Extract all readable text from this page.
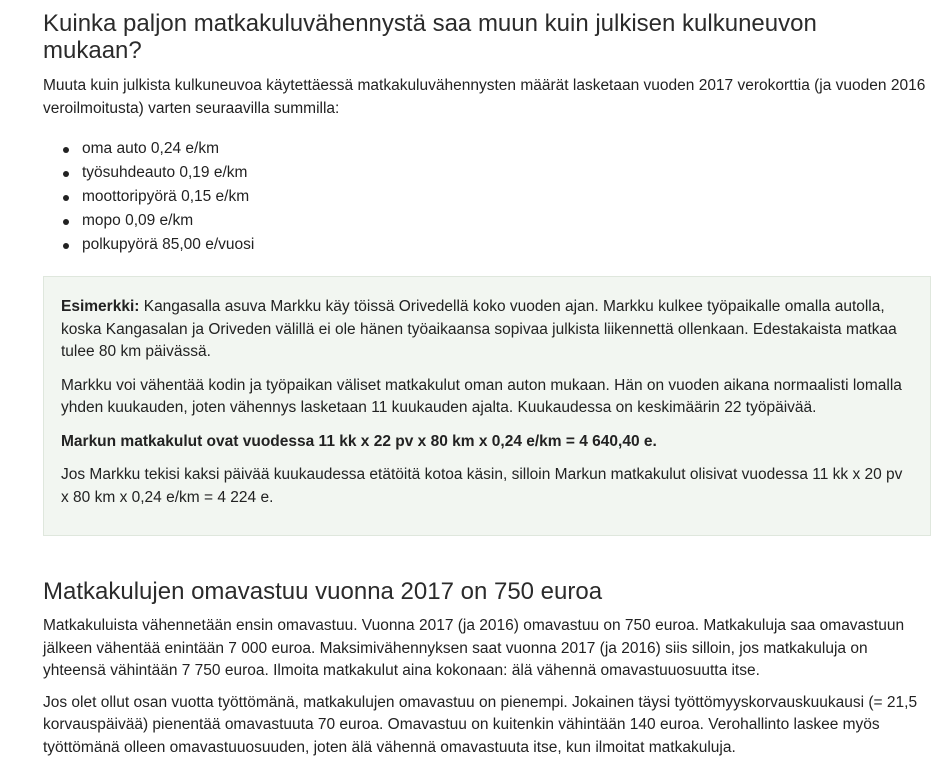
Kuinka paljon matkakuluvähennystä saa muun kuin julkisen kulkuneuvon mukaan?

Muuta kuin julkista kulkuneuvoa käytettäessä matkakuluvähennysten määrät lasketaan vuoden 2017 verokorttia (ja vuoden 2016 veroilmoitusta) varten seuraavilla summilla:

oma auto 0,24 e/km
työsuhdeauto 0,19 e/km
moottoripyörä 0,15 e/km
mopo 0,09 e/km
polkupyörä 85,00 e/vuosi

Esimerkki: Kangasalla asuva Markku käy töissä Orivedellä koko vuoden ajan. Markku kulkee työpaikalle omalla autolla, koska Kangasalan ja Oriveden välillä ei ole hänen työaikaansa sopivaa julkista liikennettä ollenkaan. Edestakaista matkaa tulee 80 km päivässä.

Markku voi vähentää kodin ja työpaikan väliset matkakulut oman auton mukaan. Hän on vuoden aikana normaalisti lomalla yhden kuukauden, joten vähennys lasketaan 11 kuukauden ajalta. Kuukaudessa on keskimäärin 22 työpäivää.

Markun matkakulut ovat vuodessa 11 kk x 22 pv x 80 km x 0,24 e/km = 4 640,40 e.

Jos Markku tekisi kaksi päivää kuukaudessa etätöitä kotoa käsin, silloin Markun matkakulut olisivat vuodessa 11 kk x 20 pv x 80 km x 0,24 e/km = 4 224 e.

Matkakulujen omavastuu vuonna 2017 on 750 euroa

Matkakuluista vähennetään ensin omavastuu. Vuonna 2017 (ja 2016) omavastuu on 750 euroa. Matkakuluja saa omavastuun jälkeen vähentää enintään 7 000 euroa. Maksimivähennyksen saat vuonna 2017 (ja 2016) siis silloin, jos matkakuluja on yhteensä vähintään 7 750 euroa. Ilmoita matkakulut aina kokonaan: älä vähennä omavastuuosuutta itse.

Jos olet ollut osan vuotta työttömänä, matkakulujen omavastuu on pienempi. Jokainen täysi työttömyyskorvauskuukausi (= 21,5 korvauspäivää) pienentää omavastuuta 70 euroa. Omavastuu on kuitenkin vähintään 140 euroa. Verohallinto laskee myös työttömänä olleen omavastuuosuuden, joten älä vähennä omavastuuta itse, kun ilmoitat matkakuluja.
